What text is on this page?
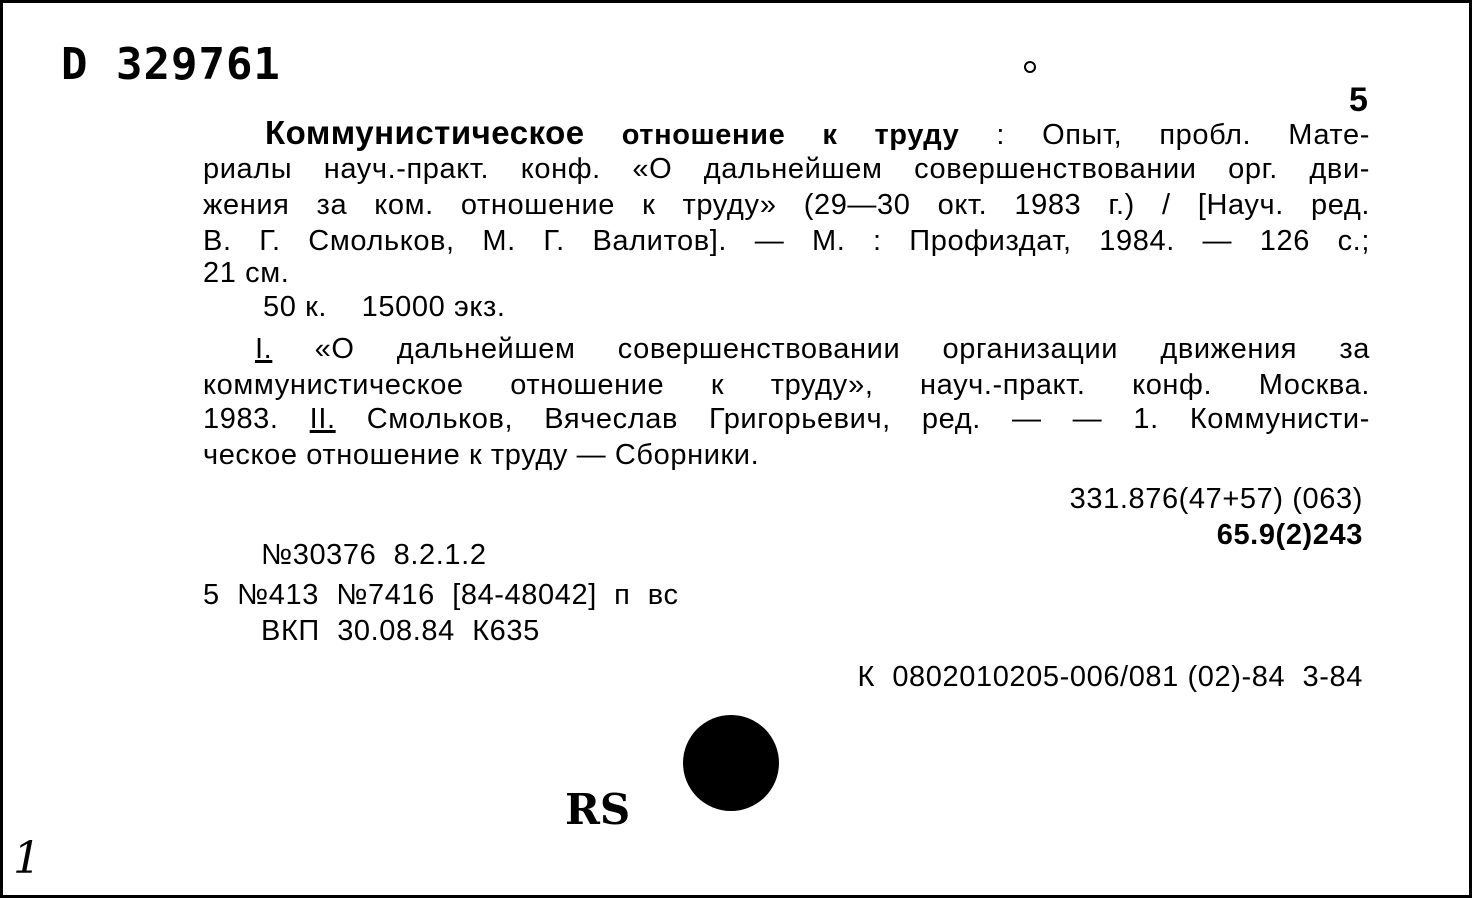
D 329761
5
Коммунистическое отношение к труду : Опыт, пробл. Мате-
риалы науч.-практ. конф. «О дальнейшем совершенствовании орг. дви-
жения за ком. отношение к труду» (29—30 окт. 1983 г.) / [Науч. ред.
В. Г. Смольков, М. Г. Валитов]. — М. : Профиздат, 1984. — 126 с.;
21 см.
50 к.    15000 экз.
I. «О дальнейшем совершенствовании организации движения за
коммунистическое отношение к труду», науч.-практ. конф. Москва.
1983. II. Смольков, Вячеслав Григорьевич, ред. — — 1. Коммунисти-
ческое отношение к труду — Сборники.
331.876(47+57) (063)
65.9(2)243
№30376  8.2.1.2
5  №413  №7416  [84-48042]  п  вс
ВКП  30.08.84  К635
К  0802010205-006/081 (02)-84  3-84
RS
1
